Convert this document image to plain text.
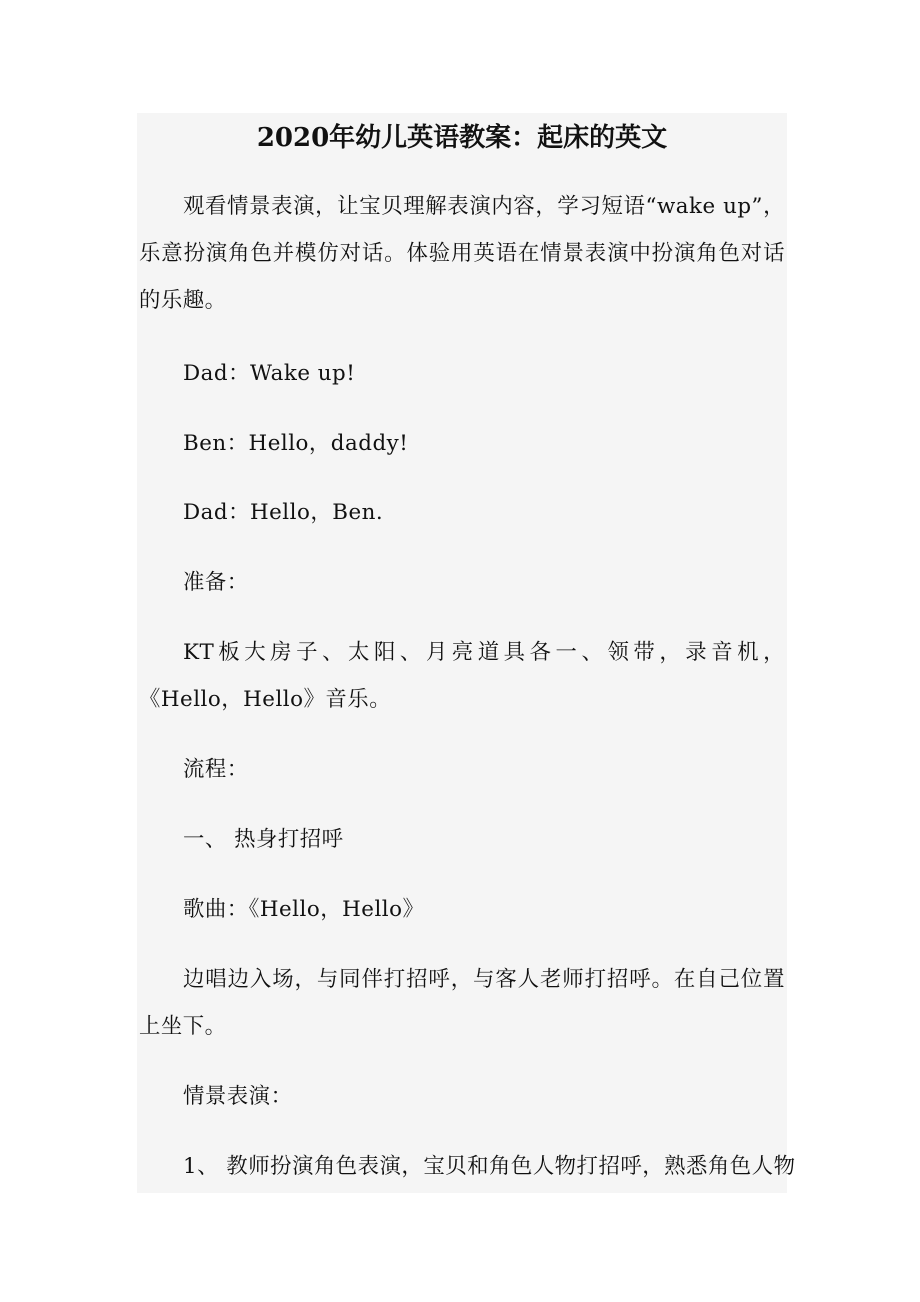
2020年幼儿英语教案：起床的英文

观看情景表演，让宝贝理解表演内容，学习短语“wake up”，乐意扮演角色并模仿对话。体验用英语在情景表演中扮演角色对话的乐趣。

Dad：Wake up!

Ben：Hello，daddy!

Dad：Hello，Ben.

准备：

KT板大房子、太阳、月亮道具各一、领带，录音机，《Hello，Hello》音乐。

流程：

一、 热身打招呼

歌曲：《Hello，Hello》

边唱边入场，与同伴打招呼，与客人老师打招呼。在自己位置上坐下。

情景表演：

1、 教师扮演角色表演，宝贝和角色人物打招呼，熟悉角色人物
